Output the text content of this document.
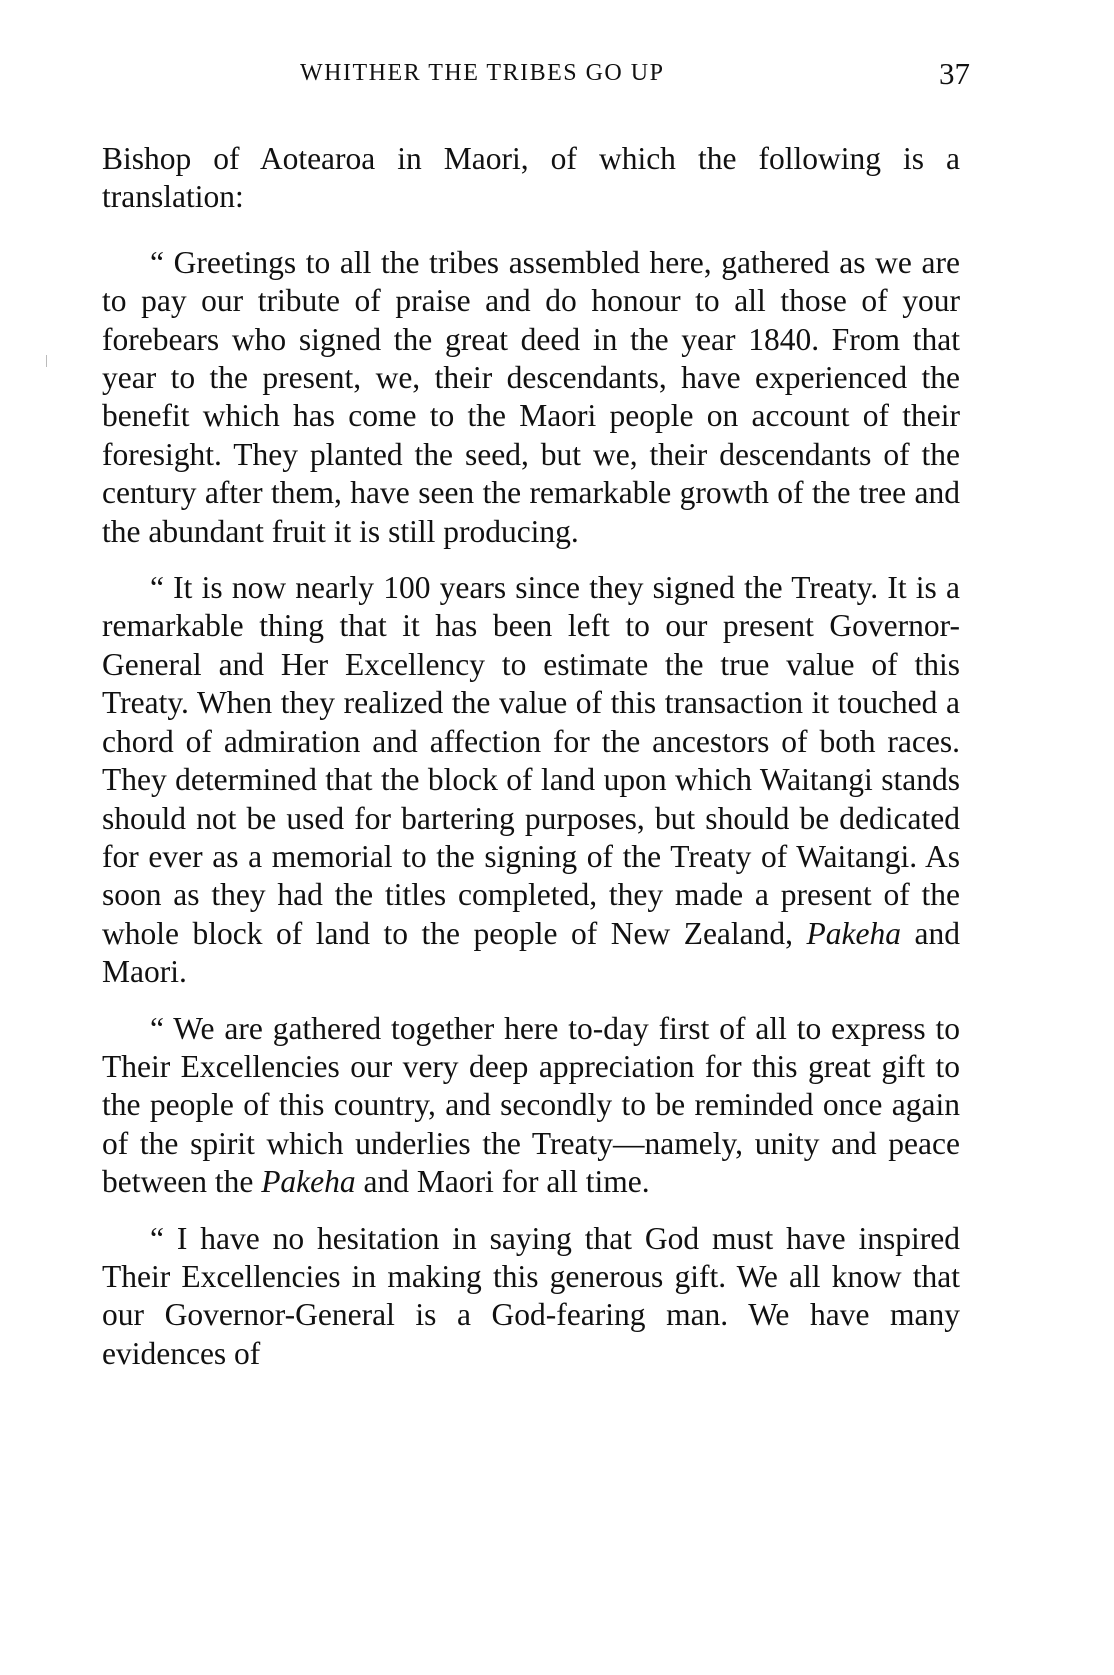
WHITHER THE TRIBES GO UP	37

Bishop of Aotearoa in Maori, of which the following is a translation:

“ Greetings to all the tribes assembled here, gathered as we are to pay our tribute of praise and do honour to all those of your forebears who signed the great deed in the year 1840. From that year to the present, we, their descendants, have experienced the benefit which has come to the Maori people on account of their foresight. They planted the seed, but we, their descendants of the century after them, have seen the remarkable growth of the tree and the abundant fruit it is still producing.

“ It is now nearly 100 years since they signed the Treaty. It is a remarkable thing that it has been left to our present Governor-General and Her Excellency to estimate the true value of this Treaty. When they realized the value of this transaction it touched a chord of admiration and affection for the ancestors of both races. They determined that the block of land upon which Waitangi stands should not be used for bartering purposes, but should be dedicated for ever as a memorial to the signing of the Treaty of Waitangi. As soon as they had the titles completed, they made a present of the whole block of land to the people of New Zealand, Pakeha and Maori.

“ We are gathered together here to-day first of all to express to Their Excellencies our very deep appreciation for this great gift to the people of this country, and secondly to be reminded once again of the spirit which underlies the Treaty—namely, unity and peace between the Pakeha and Maori for all time.

“ I have no hesitation in saying that God must have inspired Their Excellencies in making this generous gift. We all know that our Governor-General is a God-fearing man. We have many evidences of
